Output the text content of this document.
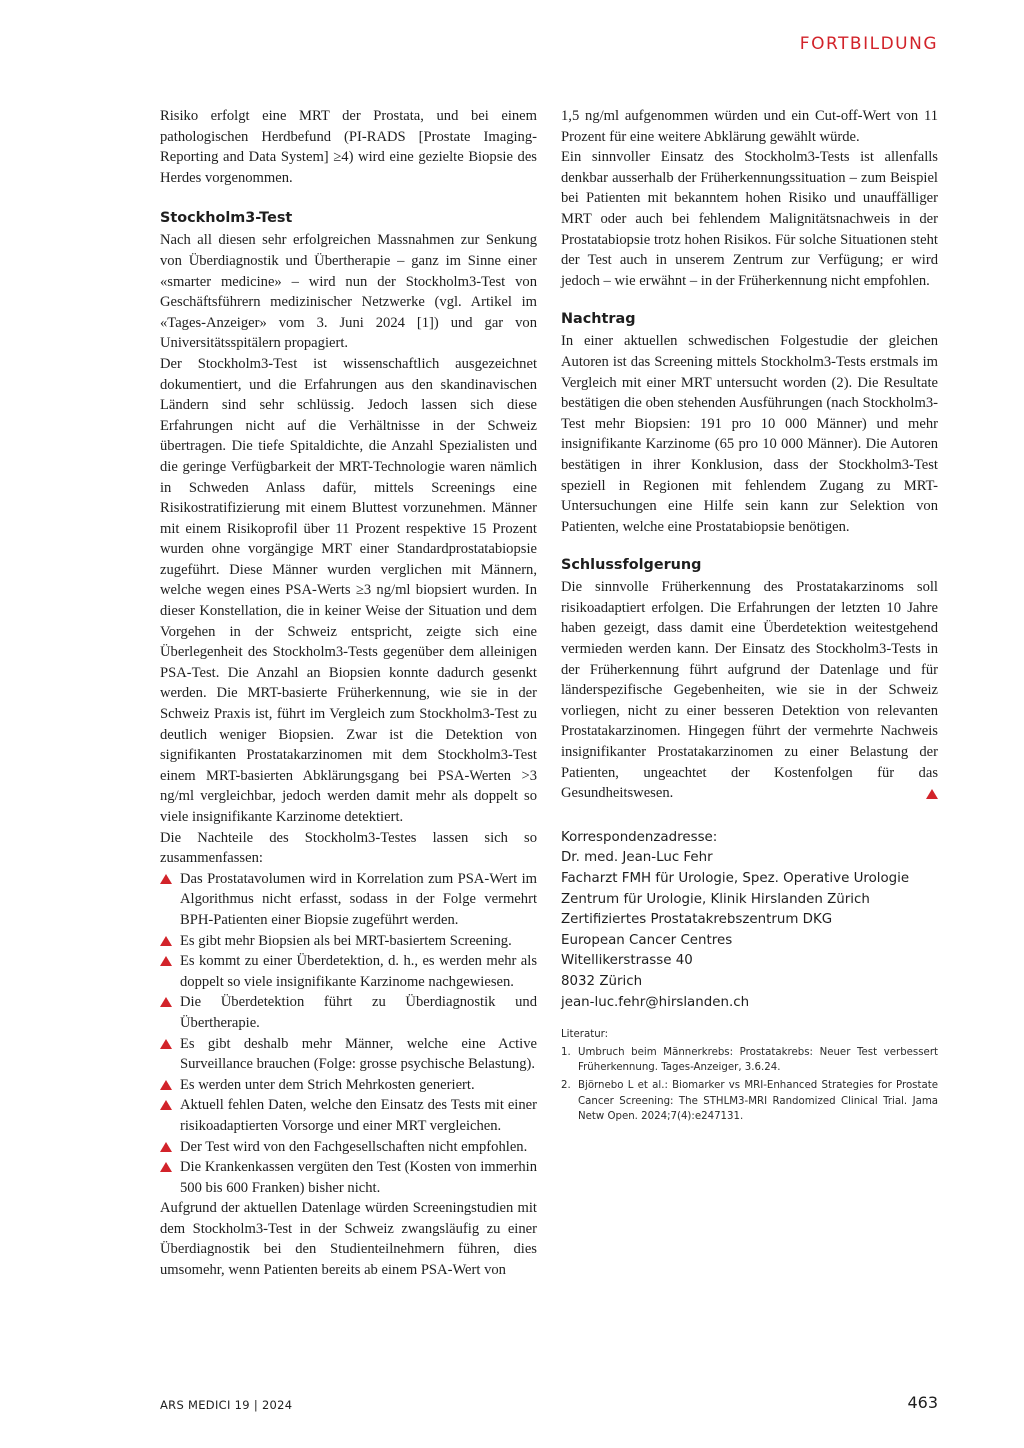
FORTBILDUNG

Risiko erfolgt eine MRT der Prostata, und bei einem pathologischen Herdbefund (PI-RADS [Prostate Imaging-Reporting and Data System] ≥4) wird eine gezielte Biopsie des Herdes vorgenommen.

Stockholm3-Test

Nach all diesen sehr erfolgreichen Massnahmen zur Senkung von Überdiagnostik und Übertherapie – ganz im Sinne einer «smarter medicine» – wird nun der Stockholm3-Test von Geschäftsführern medizinischer Netzwerke (vgl. Artikel im «Tages-Anzeiger» vom 3. Juni 2024 [1]) und gar von Universitätsspitälern propagiert.

Der Stockholm3-Test ist wissenschaftlich ausgezeichnet dokumentiert, und die Erfahrungen aus den skandinavischen Ländern sind sehr schlüssig. Jedoch lassen sich diese Erfahrungen nicht auf die Verhältnisse in der Schweiz übertragen. Die tiefe Spitaldichte, die Anzahl Spezialisten und die geringe Verfügbarkeit der MRT-Technologie waren nämlich in Schweden Anlass dafür, mittels Screenings eine Risikostratifizierung mit einem Bluttest vorzunehmen. Männer mit einem Risikoprofil über 11 Prozent respektive 15 Prozent wurden ohne vorgängige MRT einer Standardprostatabiopsie zugeführt. Diese Männer wurden verglichen mit Männern, welche wegen eines PSA-Werts ≥3 ng/ml biopsiert wurden. In dieser Konstellation, die in keiner Weise der Situation und dem Vorgehen in der Schweiz entspricht, zeigte sich eine Überlegenheit des Stockholm3-Tests gegenüber dem alleinigen PSA-Test. Die Anzahl an Biopsien konnte dadurch gesenkt werden. Die MRT-basierte Früherkennung, wie sie in der Schweiz Praxis ist, führt im Vergleich zum Stockholm3-Test zu deutlich weniger Biopsien. Zwar ist die Detektion von signifikanten Prostatakarzinomen mit dem Stockholm3-Test einem MRT-basierten Abklärungsgang bei PSA-Werten >3 ng/ml vergleichbar, jedoch werden damit mehr als doppelt so viele insignifikante Karzinome detektiert.

Die Nachteile des Stockholm3-Testes lassen sich so zusammenfassen:

Das Prostatavolumen wird in Korrelation zum PSA-Wert im Algorithmus nicht erfasst, sodass in der Folge vermehrt BPH-Patienten einer Biopsie zugeführt werden.
Es gibt mehr Biopsien als bei MRT-basiertem Screening.
Es kommt zu einer Überdetektion, d. h., es werden mehr als doppelt so viele insignifikante Karzinome nachgewiesen.
Die Überdetektion führt zu Überdiagnostik und Übertherapie.
Es gibt deshalb mehr Männer, welche eine Active Surveillance brauchen (Folge: grosse psychische Belastung).
Es werden unter dem Strich Mehrkosten generiert.
Aktuell fehlen Daten, welche den Einsatz des Tests mit einer risikoadaptierten Vorsorge und einer MRT vergleichen.
Der Test wird von den Fachgesellschaften nicht empfohlen.
Die Krankenkassen vergüten den Test (Kosten von immerhin 500 bis 600 Franken) bisher nicht.

Aufgrund der aktuellen Datenlage würden Screeningstudien mit dem Stockholm3-Test in der Schweiz zwangsläufig zu einer Überdiagnostik bei den Studienteilnehmern führen, dies umsomehr, wenn Patienten bereits ab einem PSA-Wert von

1,5 ng/ml aufgenommen würden und ein Cut-off-Wert von 11 Prozent für eine weitere Abklärung gewählt würde.

Ein sinnvoller Einsatz des Stockholm3-Tests ist allenfalls denkbar ausserhalb der Früherkennungssituation – zum Beispiel bei Patienten mit bekanntem hohen Risiko und unauffälliger MRT oder auch bei fehlendem Malignitätsnachweis in der Prostatabiopsie trotz hohen Risikos. Für solche Situationen steht der Test auch in unserem Zentrum zur Verfügung; er wird jedoch – wie erwähnt – in der Früherkennung nicht empfohlen.

Nachtrag

In einer aktuellen schwedischen Folgestudie der gleichen Autoren ist das Screening mittels Stockholm3-Tests erstmals im Vergleich mit einer MRT untersucht worden (2). Die Resultate bestätigen die oben stehenden Ausführungen (nach Stockholm3-Test mehr Biopsien: 191 pro 10 000 Männer) und mehr insignifikante Karzinome (65 pro 10 000 Männer). Die Autoren bestätigen in ihrer Konklusion, dass der Stockholm3-Test speziell in Regionen mit fehlendem Zugang zu MRT-Untersuchungen eine Hilfe sein kann zur Selektion von Patienten, welche eine Prostatabiopsie benötigen.

Schlussfolgerung

Die sinnvolle Früherkennung des Prostatakarzinoms soll risikoadaptiert erfolgen. Die Erfahrungen der letzten 10 Jahre haben gezeigt, dass damit eine Überdetektion weitestgehend vermieden werden kann. Der Einsatz des Stockholm3-Tests in der Früherkennung führt aufgrund der Datenlage und für länderspezifische Gegebenheiten, wie sie in der Schweiz vorliegen, nicht zu einer besseren Detektion von relevanten Prostatakarzinomen. Hingegen führt der vermehrte Nachweis insignifikanter Prostatakarzinomen zu einer Belastung der Patienten, ungeachtet der Kostenfolgen für das Gesundheitswesen.

Korrespondenzadresse:
Dr. med. Jean-Luc Fehr
Facharzt FMH für Urologie, Spez. Operative Urologie
Zentrum für Urologie, Klinik Hirslanden Zürich
Zertifiziertes Prostatakrebszentrum DKG
European Cancer Centres
Witellikerstrasse 40
8032 Zürich
jean-luc.fehr@hirslanden.ch
Literatur:
1. Umbruch beim Männerkrebs: Prostatakrebs: Neuer Test verbessert Früherkennung. Tages-Anzeiger, 3.6.24.
2. Björnebo L et al.: Biomarker vs MRI-Enhanced Strategies for Prostate Cancer Screening: The STHLM3-MRI Randomized Clinical Trial. Jama Netw Open. 2024;7(4):e247131.
ARS MEDICI 19 | 2024	463
